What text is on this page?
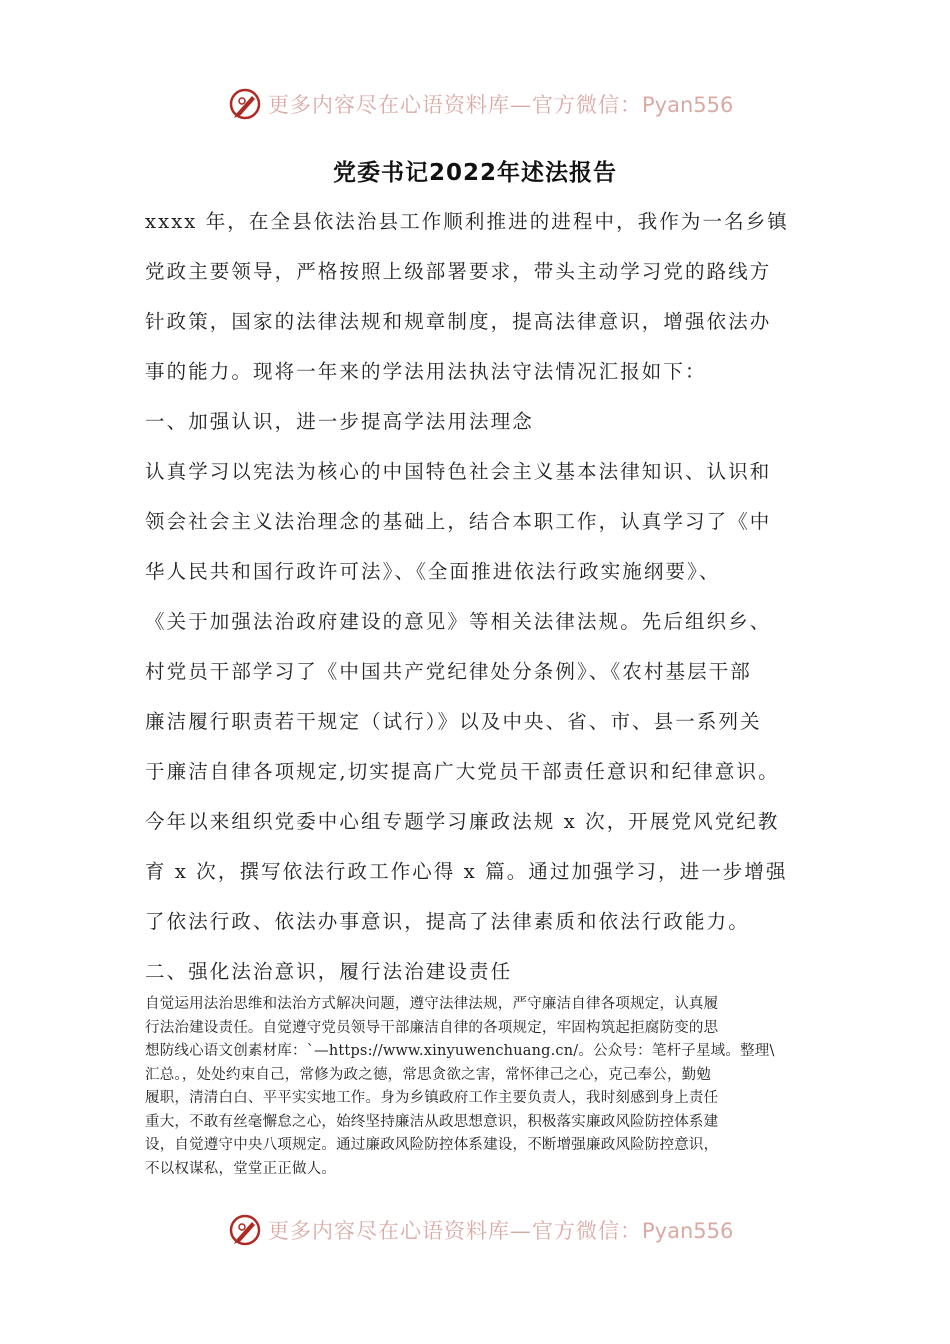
更多内容尽在心语资料库—官方微信：Pyan556
党委书记2022年述法报告
xxxx 年，在全县依法治县工作顺利推进的进程中，我作为一名乡镇
党政主要领导，严格按照上级部署要求，带头主动学习党的路线方
针政策，国家的法律法规和规章制度，提高法律意识，增强依法办
事的能力。现将一年来的学法用法执法守法情况汇报如下：
一、加强认识，进一步提高学法用法理念
认真学习以宪法为核心的中国特色社会主义基本法律知识、认识和
领会社会主义法治理念的基础上，结合本职工作，认真学习了《中
华人民共和国行政许可法》、《全面推进依法行政实施纲要》、
《关于加强法治政府建设的意见》等相关法律法规。先后组织乡、
村党员干部学习了《中国共产党纪律处分条例》、《农村基层干部
廉洁履行职责若干规定（试行）》以及中央、省、市、县一系列关
于廉洁自律各项规定,切实提高广大党员干部责任意识和纪律意识。
今年以来组织党委中心组专题学习廉政法规 x 次，开展党风党纪教
育 x 次，撰写依法行政工作心得 x 篇。通过加强学习，进一步增强
了依法行政、依法办事意识，提高了法律素质和依法行政能力。
二、强化法治意识，履行法治建设责任
自觉运用法治思维和法治方式解决问题，遵守法律法规，严守廉洁自律各项规定，认真履
行法治建设责任。自觉遵守党员领导干部廉洁自律的各项规定，牢固构筑起拒腐防变的思
想防线心语文创素材库：`—https://www.xinyuwenchuang.cn/。公众号：笔杆子星域。整理\
汇总。，处处约束自己，常修为政之德，常思贪欲之害，常怀律己之心，克己奉公，勤勉
履职，清清白白、平平实实地工作。身为乡镇政府工作主要负责人，我时刻感到身上责任
重大，不敢有丝毫懈怠之心，始终坚持廉洁从政思想意识，积极落实廉政风险防控体系建
设，自觉遵守中央八项规定。通过廉政风险防控体系建设，不断增强廉政风险防控意识，
不以权谋私，堂堂正正做人。
更多内容尽在心语资料库—官方微信：Pyan556
